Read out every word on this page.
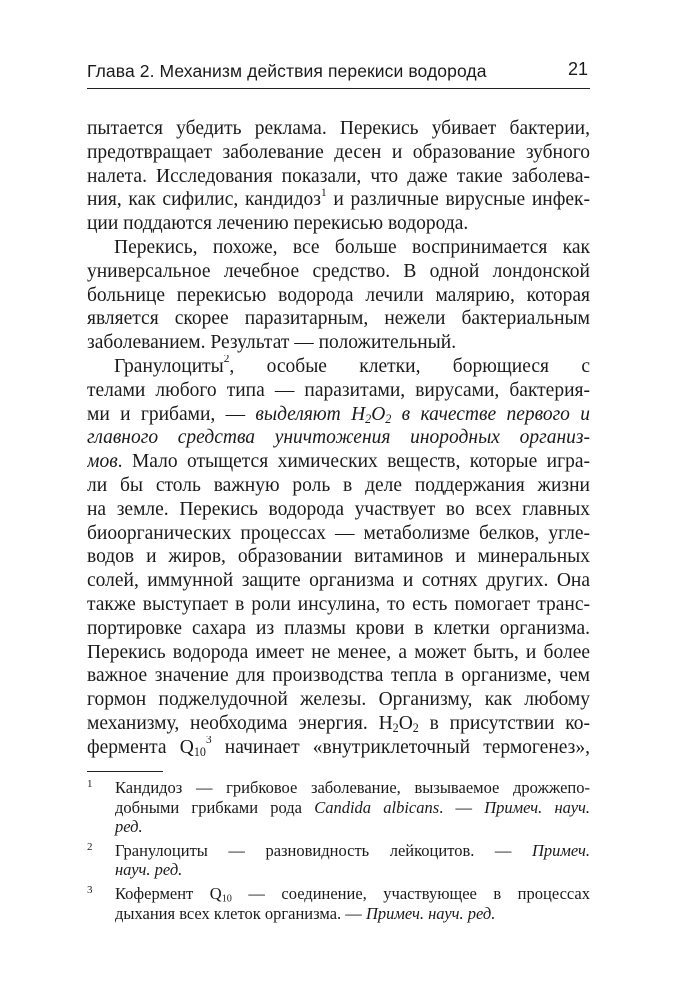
Глава 2. Механизм действия перекиси водорода	21
пытается убедить реклама. Перекись убивает бактерии,
предотвращает заболевание десен и образование зубного
налета. Исследования показали, что даже такие заболева-
ния, как сифилис, кандидоз$^1$ и различные вирусные инфек-
ции поддаются лечению перекисью водорода.
Перекись, похоже, все больше воспринимается как
универсальное лечебное средство. В одной лондонской
больнице перекисью водорода лечили малярию, которая
является скорее паразитарным, нежели бактериальным
заболеванием. Результат — положительный.
Гранулоциты$^2$, особые клетки, борющиеся с
телами любого типа — паразитами, вирусами, бактерия-
ми и грибами, — выделяют $H_2O_2$ в качестве первого и
главного средства уничтожения инородных организ-
мов. Мало отыщется химических веществ, которые игра-
ли бы столь важную роль в деле поддержания жизни
на земле. Перекись водорода участвует во всех главных
биоорганических процессах — метаболизме белков, угле-
водов и жиров, образовании витаминов и минеральных
солей, иммунной защите организма и сотнях других. Она
также выступает в роли инсулина, то есть помогает транс-
портировке сахара из плазмы крови в клетки организма.
Перекись водорода имеет не менее, а может быть, и более
важное значение для производства тепла в организме, чем
гормон поджелудочной железы. Организму, как любому
механизму, необходима энергия. $H_2O_2$ в присутствии ко-
фермента $Q_{10}^3$ начинает «внутриклеточный термогенез»,
1 Кандидоз — грибковое заболевание, вызываемое дрожжепо-
добными грибками рода Candida albicans. — Примеч. науч.
ред.
2 Гранулоциты — разновидность лейкоцитов. — Примеч.
науч. ред.
3 Кофермент $Q_{10}$ — соединение, участвующее в процессах
дыхания всех клеток организма. — Примеч. науч. ред.
